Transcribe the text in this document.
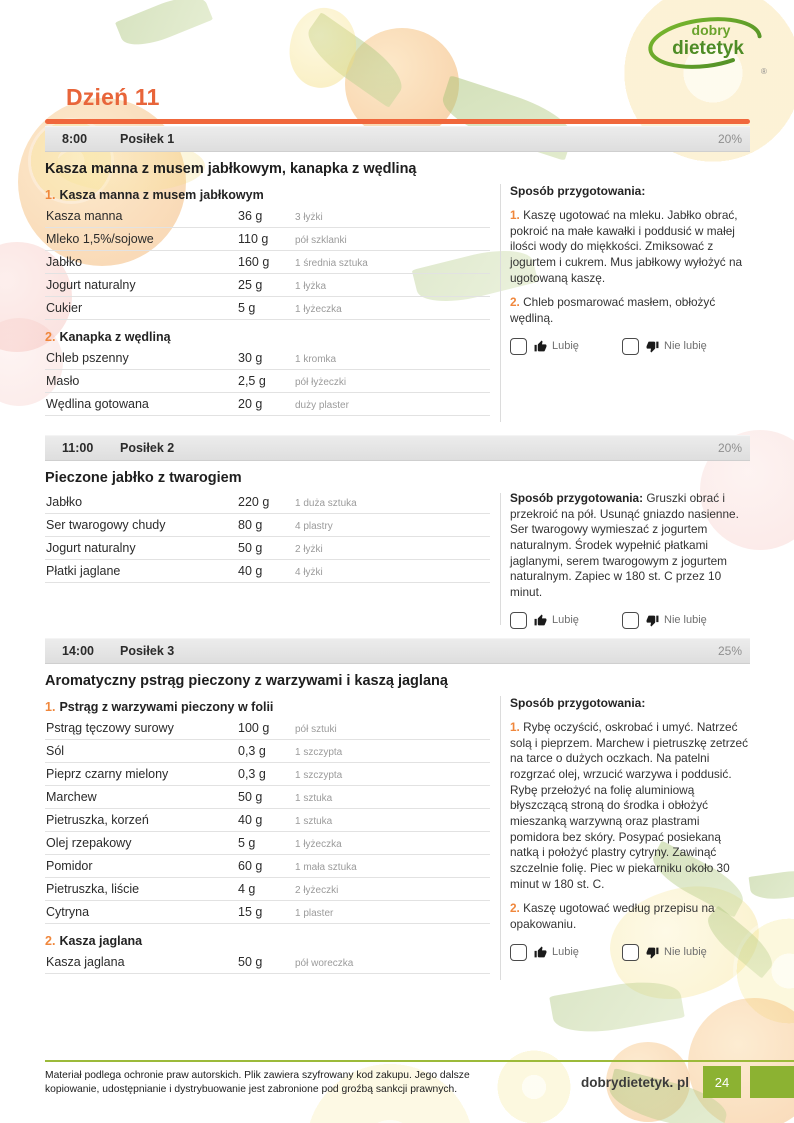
dobry
dietetyk
®
Dzień 11
8:00	Posiłek 1	20%
Kasza manna z musem jabłkowym, kanapka z wędliną
1. Kasza manna z musem jabłkowym
Kasza manna	36 g	3 łyżki
Mleko 1,5%/sojowe	110 g	pół szklanki
Jabłko	160 g	1 średnia sztuka
Jogurt naturalny	25 g	1 łyżka
Cukier	5 g	1 łyżeczka
2. Kanapka z wędliną
Chleb pszenny	30 g	1 kromka
Masło	2,5 g	pół łyżeczki
Wędlina gotowana	20 g	duży plaster

Sposób przygotowania:

1. Kaszę ugotować na mleku. Jabłko obrać, pokroić na małe kawałki i poddusić w małej ilości wody do miękkości. Zmiksować z jogurtem i cukrem. Mus jabłkowy wyłożyć na ugotowaną kaszę.

2. Chleb posmarować masłem, obłożyć wędliną.

Lubię	Nie lubię
11:00	Posiłek 2	20%
Pieczone jabłko z twarogiem
Jabłko	220 g	1 duża sztuka
Ser twarogowy chudy	80 g	4 plastry
Jogurt naturalny	50 g	2 łyżki
Płatki jaglane	40 g	4 łyżki

Sposób przygotowania: Gruszki obrać i przekroić na pół. Usunąć gniazdo nasienne. Ser twarogowy wymieszać z jogurtem naturalnym. Środek wypełnić płatkami jaglanymi, serem twarogowym z jogurtem naturalnym. Zapiec w 180 st. C przez 10 minut.

Lubię	Nie lubię
14:00	Posiłek 3	25%
Aromatyczny pstrąg pieczony z warzywami i kaszą jaglaną
1. Pstrąg z warzywami pieczony w folii
Pstrąg tęczowy surowy	100 g	pół sztuki
Sól	0,3 g	1 szczypta
Pieprz czarny mielony	0,3 g	1 szczypta
Marchew	50 g	1 sztuka
Pietruszka, korzeń	40 g	1 sztuka
Olej rzepakowy	5 g	1 łyżeczka
Pomidor	60 g	1 mała sztuka
Pietruszka, liście	4 g	2 łyżeczki
Cytryna	15 g	1 plaster
2. Kasza jaglana
Kasza jaglana	50 g	pół woreczka

Sposób przygotowania:

1. Rybę oczyścić, oskrobać i umyć. Natrzeć solą i pieprzem. Marchew i pietruszkę zetrzeć na tarce o dużych oczkach. Na patelni rozgrzać olej, wrzucić warzywa i poddusić. Rybę przełożyć na folię aluminiową błyszczącą stroną do środka i obłożyć mieszanką warzywną oraz plastrami pomidora bez skóry. Posypać posiekaną natką i położyć plastry cytryny. Zawinąć szczelnie folię. Piec w piekarniku około 30 minut w 180 st. C.

2. Kaszę ugotować według przepisu na opakowaniu.

Lubię	Nie lubię
Materiał podlega ochronie praw autorskich. Plik zawiera szyfrowany kod zakupu. Jego dalsze kopiowanie, udostępnianie i dystrybuowanie jest zabronione pod groźbą sankcji prawnych.	dobrydietetyk. pl	24
